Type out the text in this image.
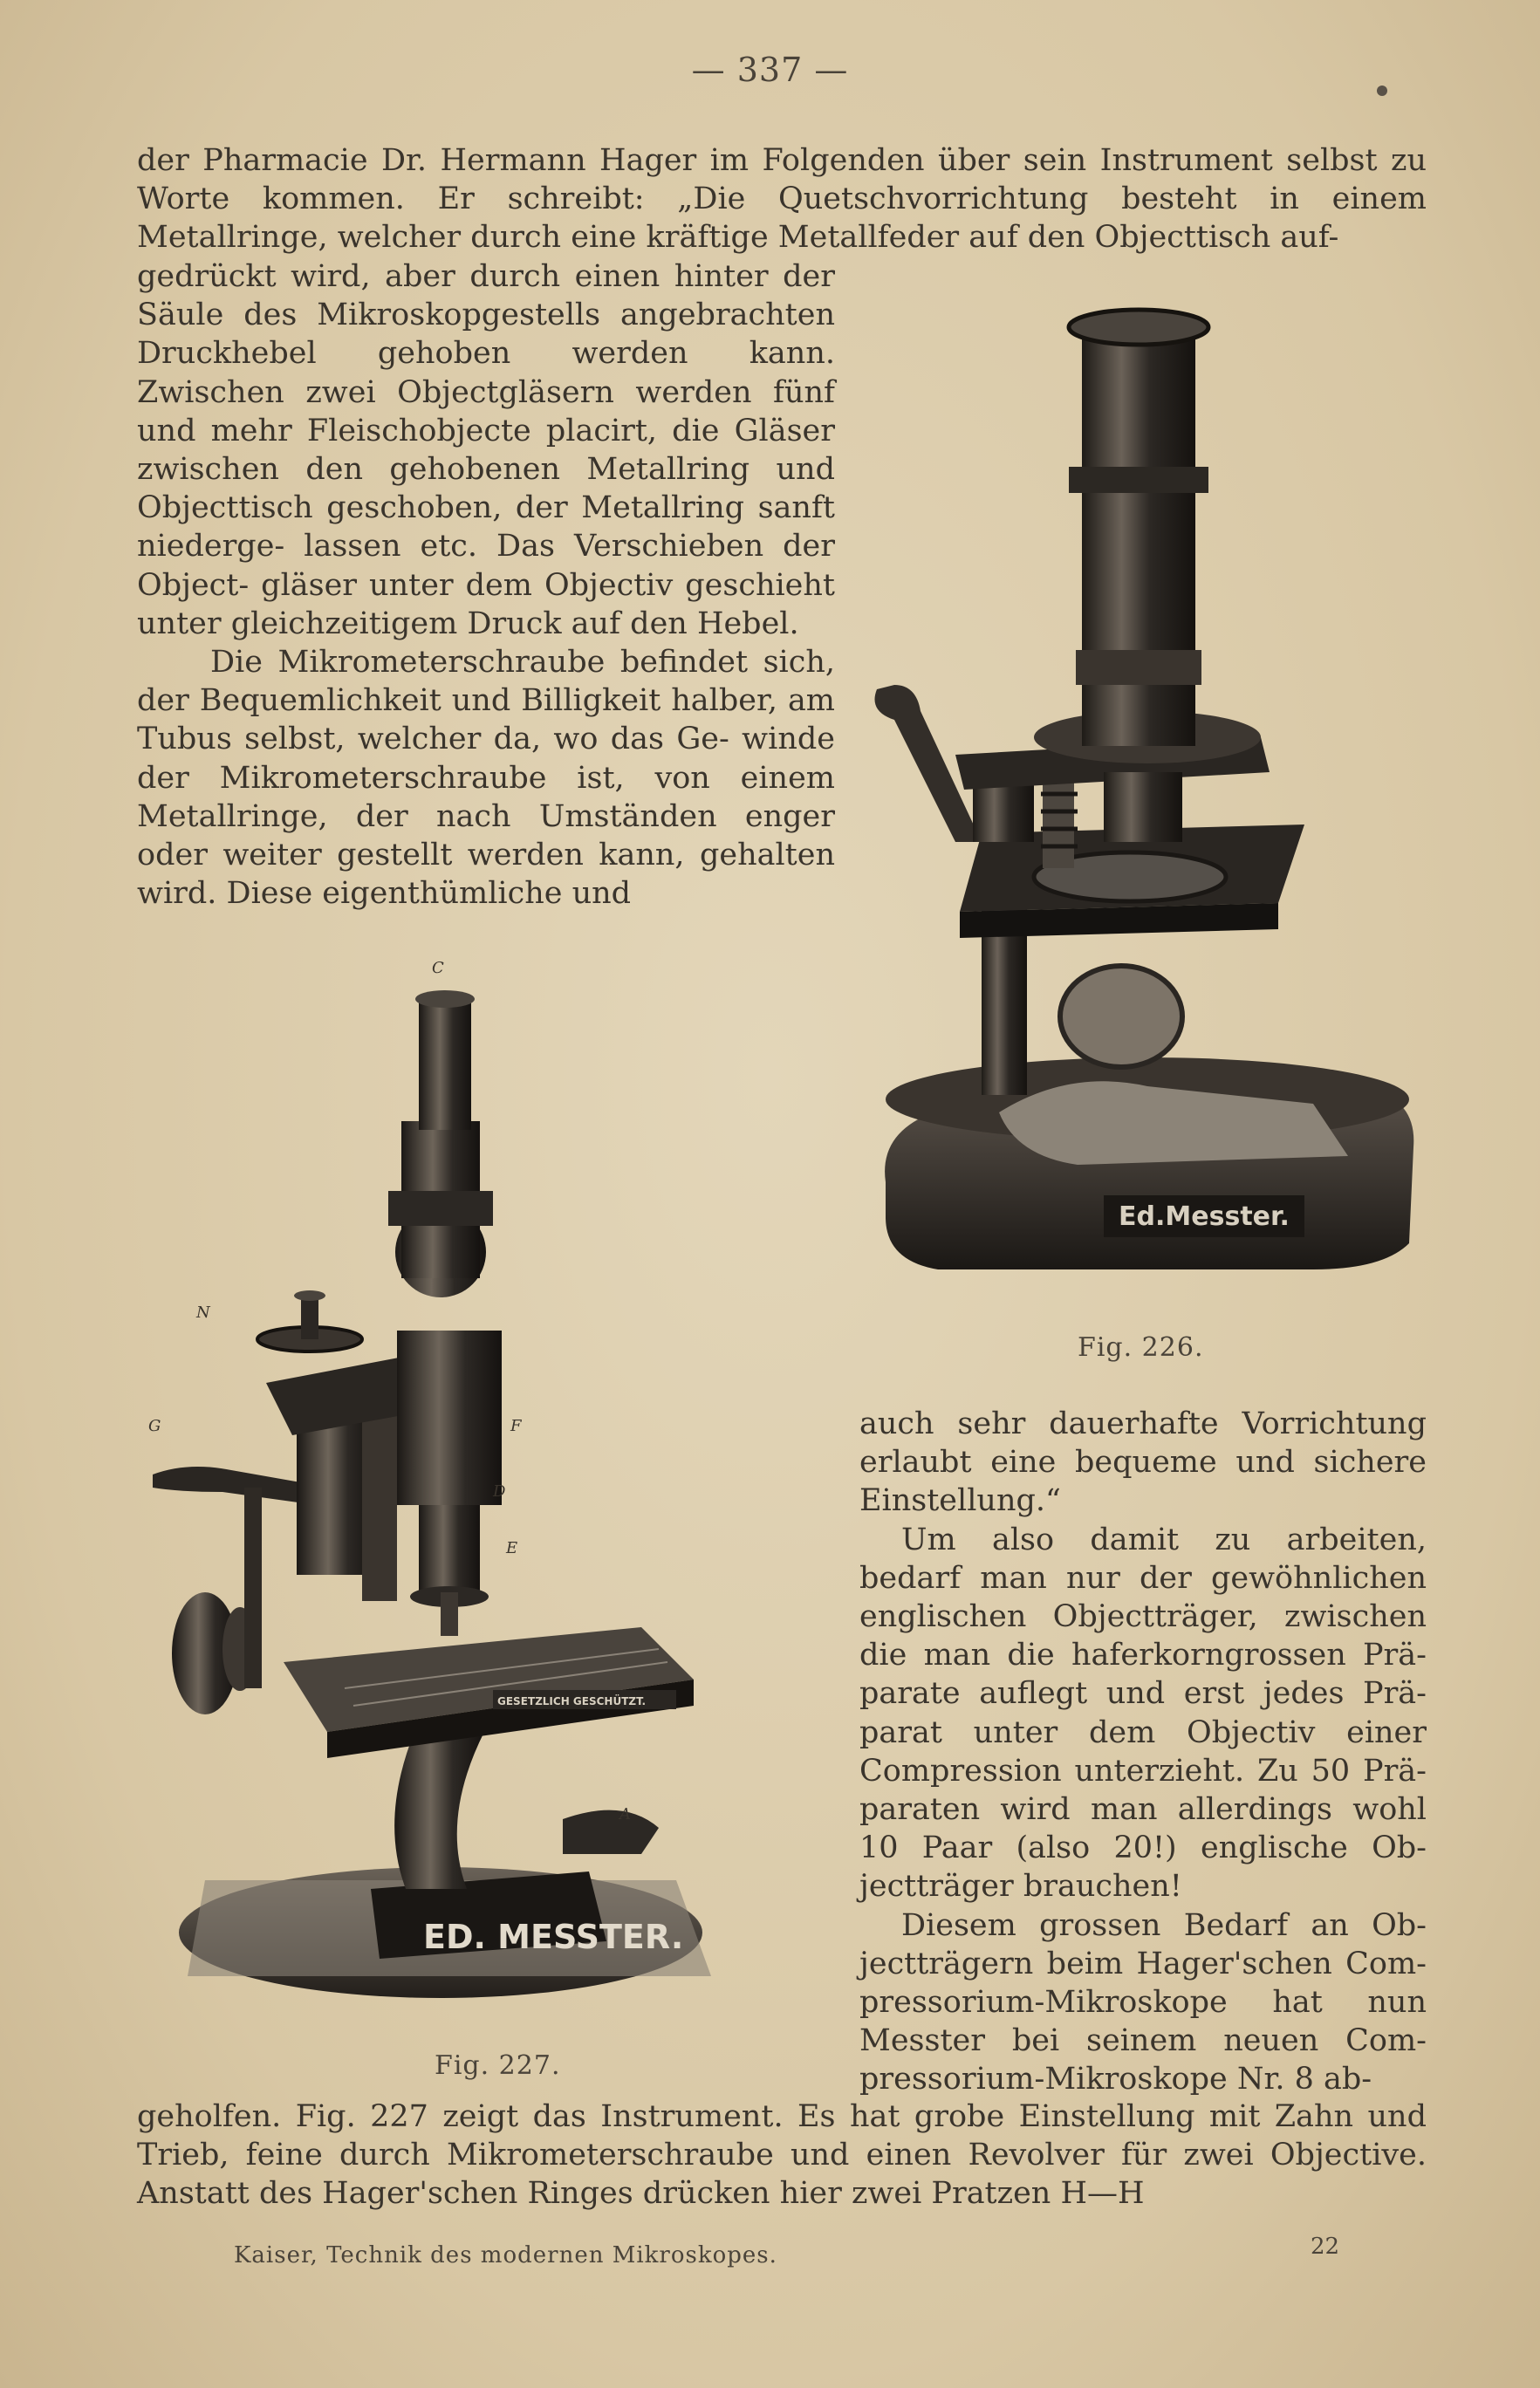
— 337 —

der Pharmacie Dr. Hermann Hager im Folgenden über sein Instrument selbst zu Worte kommen. Er schreibt: „Die Quetschvorrichtung besteht in einem Metallringe, welcher durch eine kräftige Metallfeder auf den Objecttisch auf-

gedrückt wird, aber durch einen hinter der Säule des Mikroskopgestells angebrachten Druckhebel gehoben werden kann. Zwischen zwei Objectgläsern werden fünf und mehr Fleischobjecte placirt, die Gläser zwischen den gehobenen Metallring und Objecttisch geschoben, der Metallring sanft niederge- lassen etc. Das Verschieben der Object- gläser unter dem Objectiv geschieht unter gleichzeitigem Druck auf den Hebel.

Die Mikrometerschraube befindet sich, der Bequemlichkeit und Billigkeit halber, am Tubus selbst, welcher da, wo das Ge- winde der Mikrometerschraube ist, von einem Metallringe, der nach Umständen enger oder weiter gestellt werden kann, gehalten wird. Diese eigenthümliche und

Ed.Messter.
Fig. 226.
ED. MESSTER.
GESETZLICH GESCHÜTZT.
C
N
G	F
D
E
A
Fig. 227.

auch sehr dauerhafte Vorrichtung erlaubt eine bequeme und sichere Einstellung.“

Um also damit zu arbeiten, bedarf man nur der gewöhnlichen englischen Objectträger, zwischen die man die haferkorngrossen Prä- parate auflegt und erst jedes Prä- parat unter dem Objectiv einer Compression unterzieht. Zu 50 Prä- paraten wird man allerdings wohl 10 Paar (also 20!) englische Ob- jectträger brauchen!

Diesem grossen Bedarf an Ob- jectträgern beim Hager'schen Com- pressorium-Mikroskope hat nun Messter bei seinem neuen Com- pressorium-Mikroskope Nr. 8 ab-

geholfen. Fig. 227 zeigt das Instrument. Es hat grobe Einstellung mit Zahn und Trieb, feine durch Mikrometerschraube und einen Revolver für zwei Objective. Anstatt des Hager'schen Ringes drücken hier zwei Pratzen H—H

Kaiser, Technik des modernen Mikroskopes.	22
